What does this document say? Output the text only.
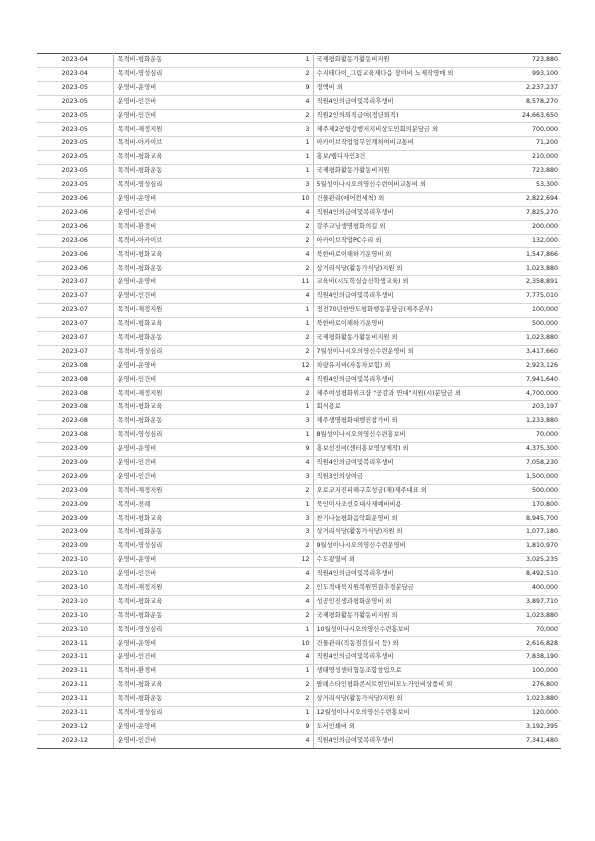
2023-04	목적비-평화운동	1	국제평화활동가활동비지원	723,880
2023-04	목적비-영성심리	2	수지테다이_그림교육재다음 장미비 노제작영매 외	993,100
2023-05	운영비-운영비	9	정액비 외	2,237,237
2023-05	운영비-인건비	4	직원4인의급여및복리후생비	8,578,270
2023-05	운영비-인건비	2	직원2인의퇴직급여(정년퇴직)	24,663,650
2023-05	목적비-재정지원	3	제주제2공항강행저지비상도민회의분담금 외	700,000
2023-05	목적비-아카이브	1	아카이브작업업무인계처여비교통비	71,200
2023-05	목적비-평화교육	1	홍보/웹디자인3건	210,000
2023-05	목적비-평화운동	1	국제평화활동가활동비지원	723,880
2023-05	목적비-영성심리	3	5월성이나시오의영신수련여비교통비 외	53,300
2023-06	운영비-운영비	10	건물관리(에어컨세척) 외	2,822,694
2023-06	운영비-인건비	4	직원4인의급여및복리후생비	7,825,270
2023-06	목적비-환경비	2	강주교님생명평화의길 외	200,000
2023-06	목적비-아카이브	2	아카이브작업PC수리 외	132,000
2023-06	목적비-평화교육	4	북한바로이해하기운영비 외	1,547,866
2023-06	목적비-평화운동	2	상거리식당(활동가식당)지원 외	1,023,880
2023-07	운영비-운영비	11	교육비(시도학실습신학생교육) 외	2,358,891
2023-07	운영비-인건비	4	직원4인의급여및복리후생비	7,775,010
2023-07	목적비-재정지원	1	정전70년한반도평화행동분담금(제주본부)	100,000
2023-07	목적비-평화교육	1	북한바로이해하기운영비	500,000
2023-07	목적비-평화운동	2	국제평화활동가활동비지원 외	1,023,880
2023-07	목적비-영성심리	2	7월성이나시오의영신수련운영비 외	3,417,660
2023-08	운영비-운영비	12	차량유지비(자동차보험) 외	2,923,126
2023-08	운영비-인건비	4	직원4인의급여및복리후생비	7,941,640
2023-08	목적비-재정지원	2	제주여성평화위크샵 "공감과 연대"지원(시)분담금 외	4,700,000
2023-08	목적비-평화교육	1	회식용료	203,197
2023-08	목적비-평화운동	3	제주생명평화대행진참가비 외	1,233,880
2023-08	목적비-영성심리	1	8월성이나시오의영신수련홍보비	70,000
2023-09	운영비-운영비	9	홍보선전비(센터홍보영상제작) 외	4,375,300
2023-09	운영비-인건비	4	직원4인의급여및복리후생비	7,058,230
2023-09	운영비-인건비	3	직원3인의상여금	1,500,000
2023-09	목적비-재정지원	2	오로코지진피해구호성금(재)제주대표 외	500,000
2023-09	목적비-전례	1	묵인미사조선호대사제예비비용	170,800
2023-09	목적비-평화교육	3	찬기나눔평화음악회운영비 외	8,945,700
2023-09	목적비-평화운동	3	상거리식당(활동가식당)지원 외	1,077,180
2023-09	목적비-영성심리	2	9월성이나시오의영신수련운영비	1,810,970
2023-10	운영비-운영비	12	수도광열비 외	3,025,235
2023-10	운영비-인건비	4	직원4인의급여및복리후생비	8,492,510
2023-10	목적비-재정지원	2	인도적대북지원복원연결추경분담금	400,000
2023-10	목적비-평화교육	4	성공인진생과평화운영비 외	3,897,710
2023-10	목적비-평화운동	2	국제평화활동가활동비지원 외	1,023,880
2023-10	목적비-영성심리	1	10월성이나시오의영신수련홍보비	70,000
2023-11	운영비-운영비	10	건물관리(직동점검실시 등) 외	2,616,828
2023-11	운영비-인건비	4	직원4인의급여및복리후생비	7,838,190
2023-11	목적비-환경비	1	생태영성센터협동조합창업으로	100,000
2023-11	목적비-평화교육	2	팔레스타인평화콘서트현인비모노가인비상품비 외	276,800
2023-11	목적비-평화운동	2	상거리식당(활동가식당)지원 외	1,023,880
2023-11	목적비-영성심리	1	12월성이나시오의영신수련홍보비	120,000
2023-12	운영비-운영비	9	도서인쇄비 외	3,192,395
2023-12	운영비-인건비	4	직원4인의급여및복리후생비	7,341,480
